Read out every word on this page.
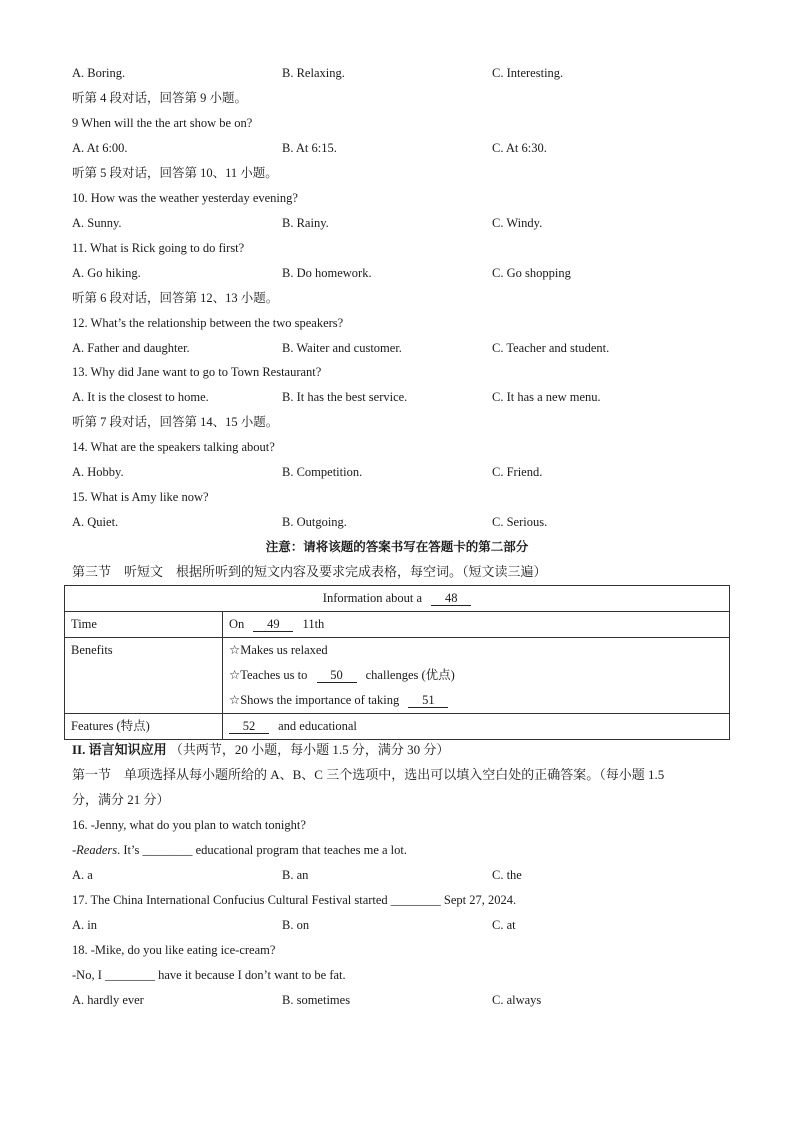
A. Boring.	B. Relaxing.	C. Interesting.
听第 4 段对话，回答第 9 小题。
9 When will the the art show be on?
A. At 6:00.	B. At 6:15.	C. At 6:30.
听第 5 段对话，回答第 10、11 小题。
10. How was the weather yesterday evening?
A. Sunny.	B. Rainy.	C. Windy.
11. What is Rick going to do first?
A. Go hiking.	B. Do homework.	C. Go shopping
听第 6 段对话，回答第 12、13 小题。
12. What’s the relationship between the two speakers?
A. Father and daughter.	B. Waiter and customer.	C. Teacher and student.
13. Why did Jane want to go to Town Restaurant?
A. It is the closest to home.	B. It has the best service.	C. It has a new menu.
听第 7 段对话，回答第 14、15 小题。
14. What are the speakers talking about?
A. Hobby.	B. Competition.	C. Friend.
15. What is Amy like now?
A. Quiet.	B. Outgoing.	C. Serious.
注意：请将该题的答案书写在答题卡的第二部分
第三节　听短文　根据所听到的短文内容及要求完成表格，每空词。（短文读三遍）
Information about a 48	
Time	On 49 11th
Benefits	☆Makes us relaxed
☆Teaches us to 50 challenges (优点)
☆Shows the importance of taking 51

Features (特点)	52 and educational
II. 语言知识应用 （共两节，20 小题，每小题 1.5 分，满分 30 分）
第一节　单项选择从每小题所给的 A、B、C 三个选项中，选出可以填入空白处的正确答案。（每小题 1.5
分，满分 21 分）
16. -Jenny, what do you plan to watch tonight?
-Readers. It’s ________ educational program that teaches me a lot.
A. a	B. an	C. the
17. The China International Confucius Cultural Festival started ________ Sept 27, 2024.
A. in	B. on	C. at
18. -Mike, do you like eating ice-cream?
-No, I ________ have it because I don’t want to be fat.
A. hardly ever	B. sometimes	C. always
